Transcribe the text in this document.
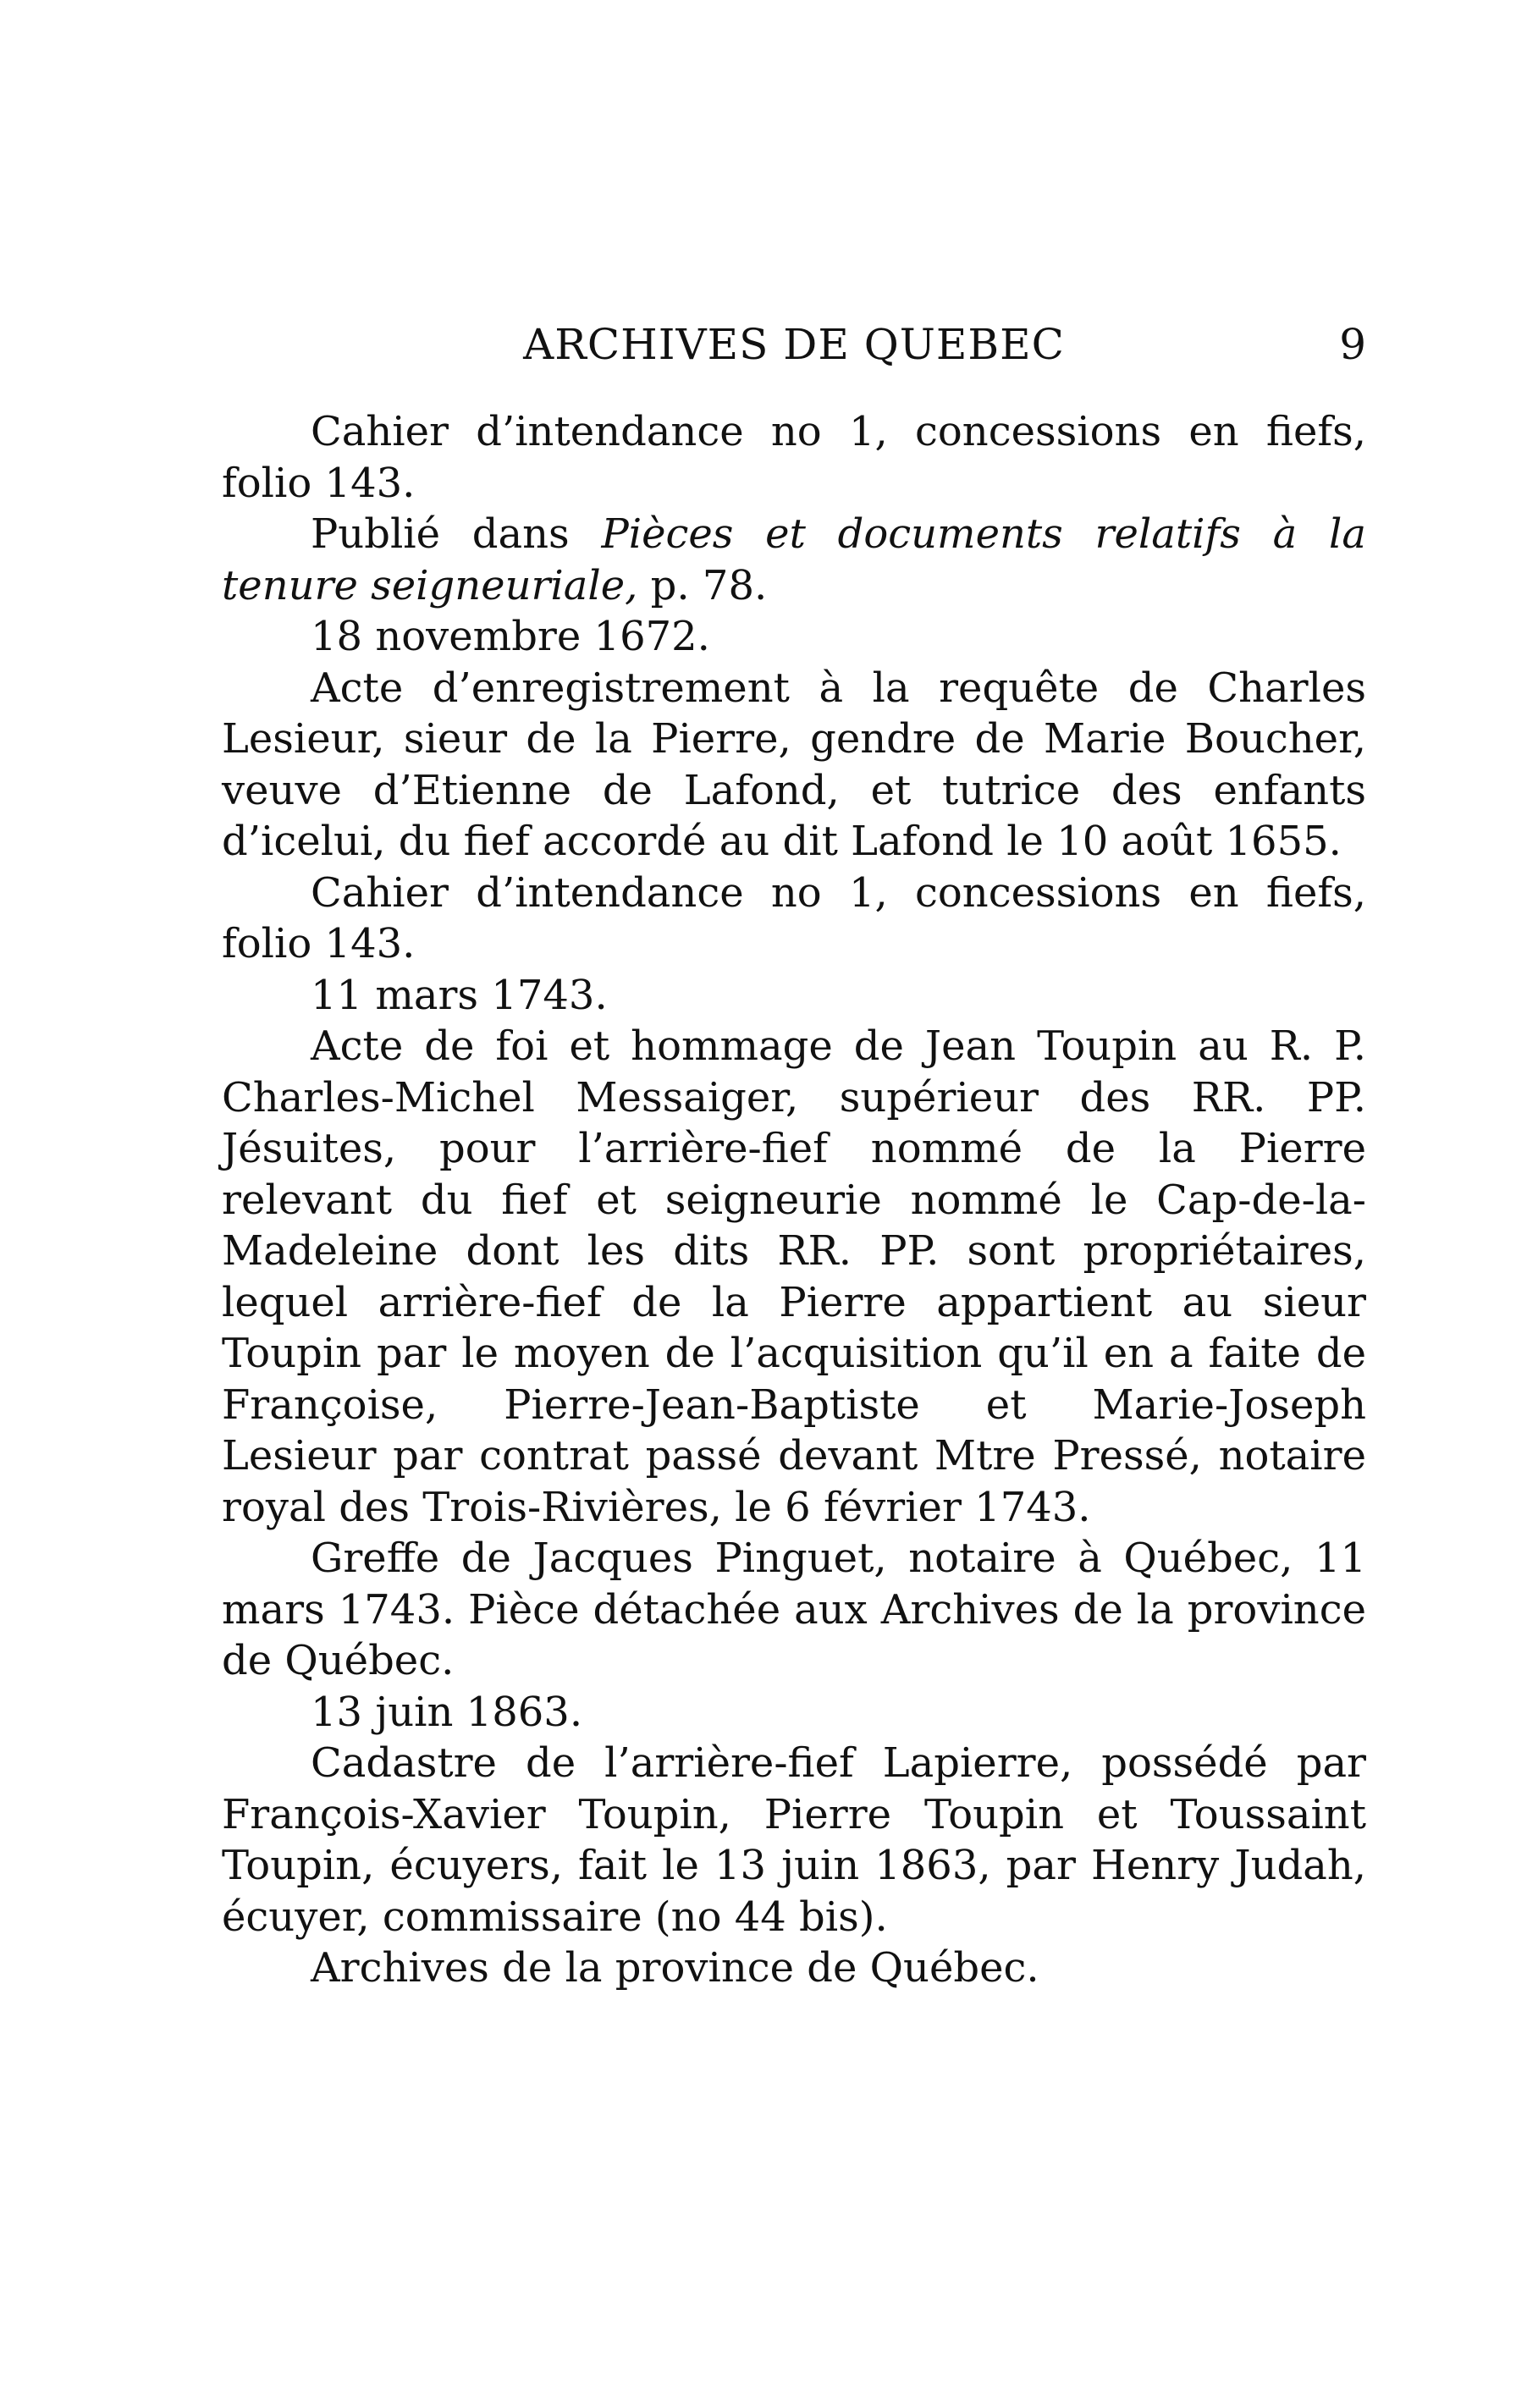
ARCHIVES DE QUEBEC	9

Cahier d’intendance no 1, concessions en fiefs, folio 143.

Publié dans Pièces et documents relatifs à la tenure seigneuriale, p. 78.

18 novembre 1672.

Acte d’enregistrement à la requête de Charles Lesieur, sieur de la Pierre, gendre de Marie Boucher, veuve d’Etienne de Lafond, et tutrice des enfants d’icelui, du fief accordé au dit Lafond le 10 août 1655.

Cahier d’intendance no 1, concessions en fiefs, folio 143.

11 mars 1743.

Acte de foi et hommage de Jean Toupin au R. P. Charles-Michel Messaiger, supérieur des RR. PP. Jésuites, pour l’arrière-fief nommé de la Pierre relevant du fief et seigneurie nommé le Cap-de-la-Madeleine dont les dits RR. PP. sont propriétaires, lequel arrière-fief de la Pierre appartient au sieur Toupin par le moyen de l’acquisition qu’il en a faite de Françoise, Pierre-Jean-Baptiste et Marie-Joseph Lesieur par contrat passé devant Mtre Pressé, notaire royal des Trois-Rivières, le 6 février 1743.

Greffe de Jacques Pinguet, notaire à Québec, 11 mars 1743. Pièce détachée aux Archives de la province de Québec.

13 juin 1863.

Cadastre de l’arrière-fief Lapierre, possédé par François-Xavier Toupin, Pierre Toupin et Toussaint Toupin, écuyers, fait le 13 juin 1863, par Henry Judah, écuyer, commissaire (no 44 bis).

Archives de la province de Québec.
